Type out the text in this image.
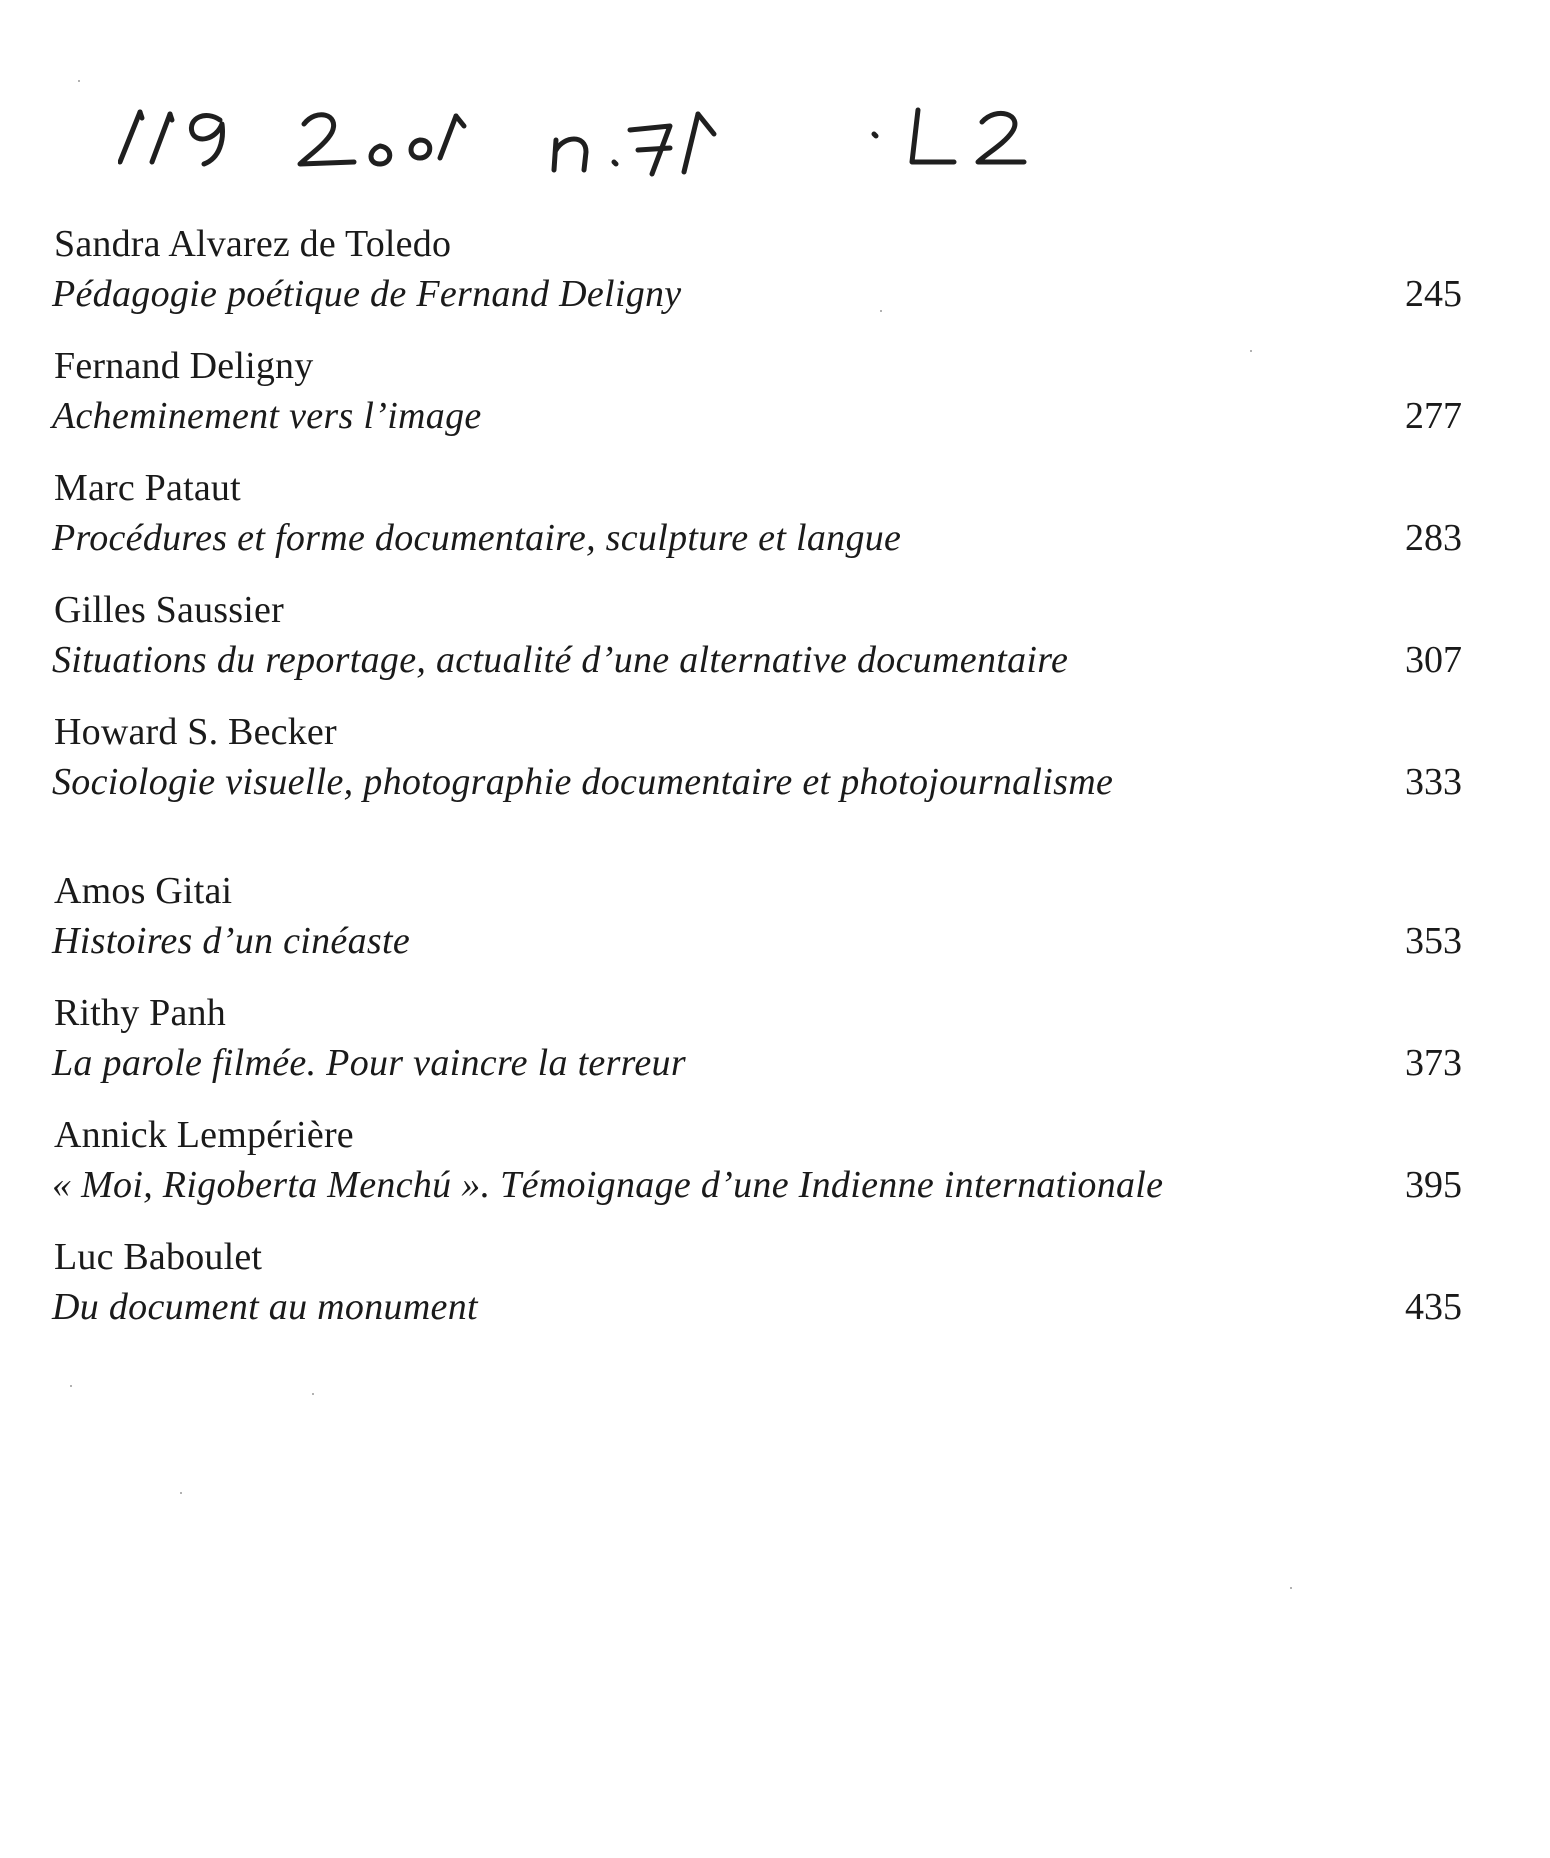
Sandra Alvarez de Toledo
Pédagogie poétique de Fernand Deligny	245
Fernand Deligny
Acheminement vers l’image	277
Marc Pataut
Procédures et forme documentaire, sculpture et langue	283
Gilles Saussier
Situations du reportage, actualité d’une alternative documentaire	307
Howard S. Becker
Sociologie visuelle, photographie documentaire et photojournalisme	333
Amos Gitai
Histoires d’un cinéaste	353
Rithy Panh
La parole filmée. Pour vaincre la terreur	373
Annick Lempérière
« Moi, Rigoberta Menchú ». Témoignage d’une Indienne internationale	395
Luc Baboulet
Du document au monument	435
